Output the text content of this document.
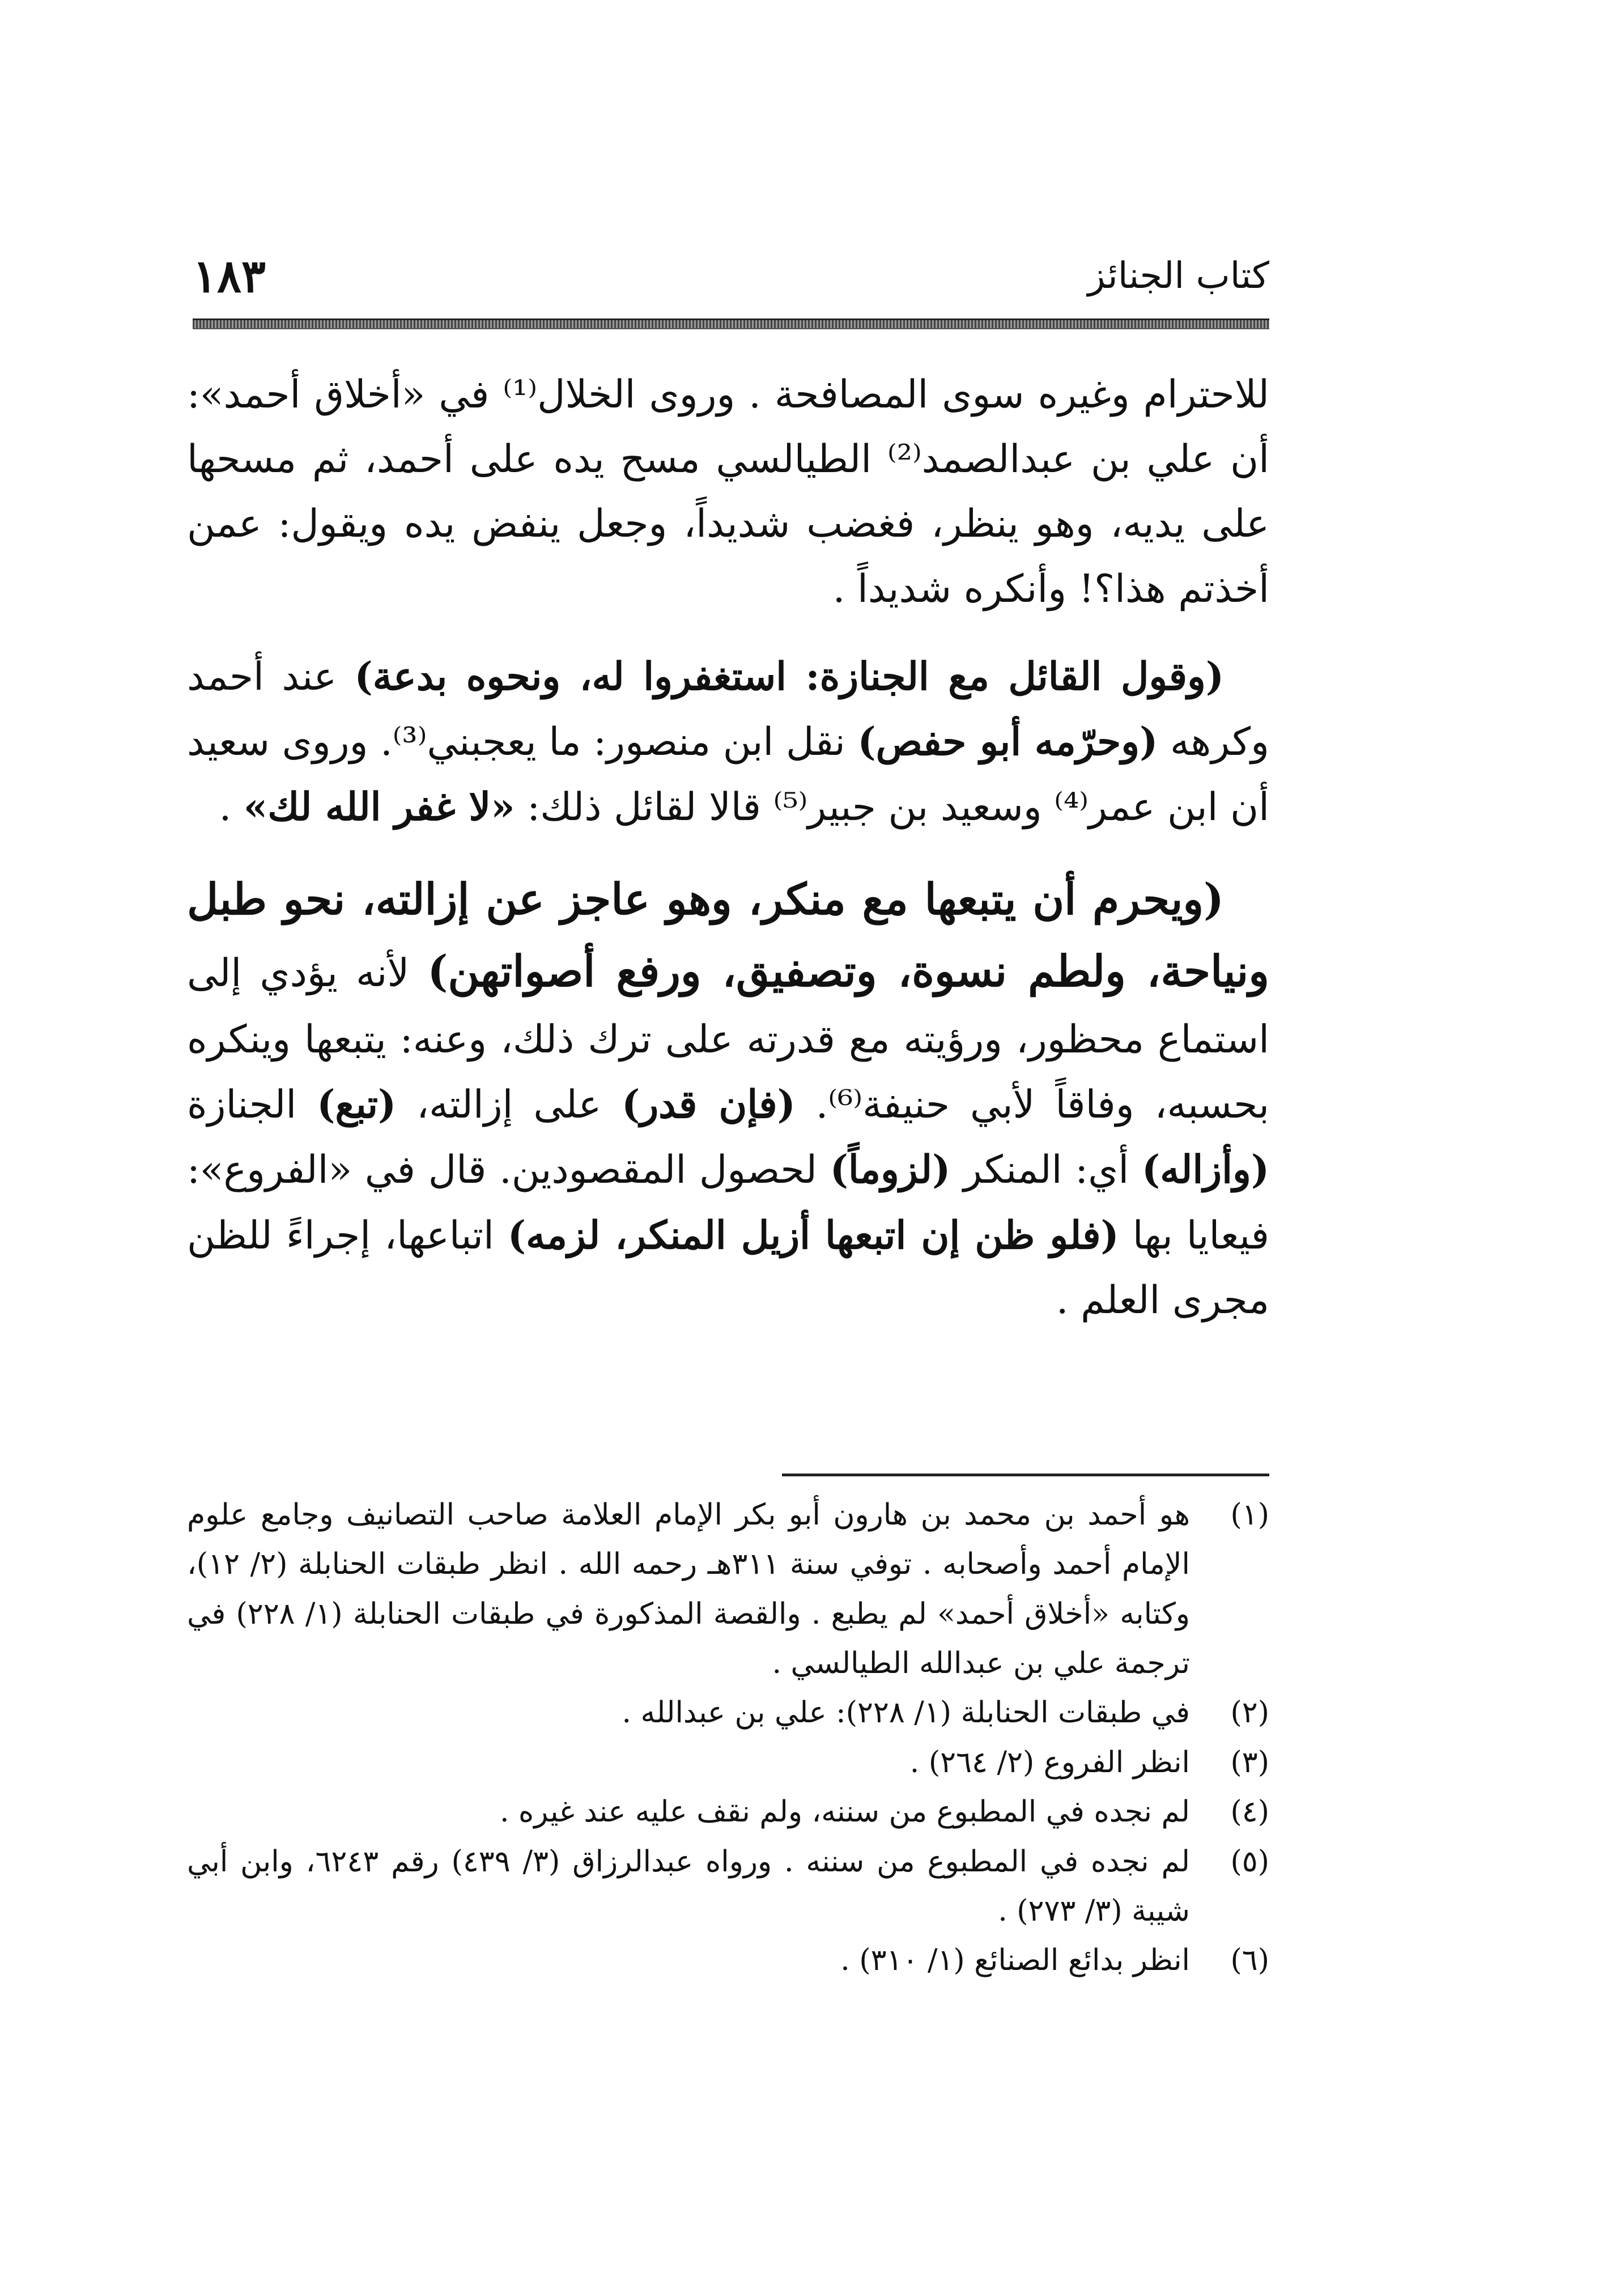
١٨٣	كتاب الجنائز

للاحترام وغيره سوى المصافحة . وروى الخلال⁽¹⁾ في «أخلاق أحمد»: أن علي بن عبدالصمد⁽²⁾ الطيالسي مسح يده على أحمد، ثم مسحها على يديه، وهو ينظر، فغضب شديداً، وجعل ينفض يده ويقول: عمن أخذتم هذا؟! وأنكره شديداً .

(وقول القائل مع الجنازة: استغفروا له، ونحوه بدعة) عند أحمد وكرهه (وحرّمه أبو حفص) نقل ابن منصور: ما يعجبني⁽³⁾. وروى سعيد أن ابن عمر⁽⁴⁾ وسعيد بن جبير⁽⁵⁾ قالا لقائل ذلك: «لا غفر الله لك» .

(ويحرم أن يتبعها مع منكر، وهو عاجز عن إزالته، نحو طبل ونياحة، ولطم نسوة، وتصفيق، ورفع أصواتهن) لأنه يؤدي إلى استماع محظور، ورؤيته مع قدرته على ترك ذلك، وعنه: يتبعها وينكره بحسبه، وفاقاً لأبي حنيفة⁽⁶⁾. (فإن قدر) على إزالته، (تبع) الجنازة (وأزاله) أي: المنكر (لزوماً) لحصول المقصودين. قال في «الفروع»: فيعايا بها (فلو ظن إن اتبعها أزيل المنكر، لزمه) اتباعها، إجراءً للظن مجرى العلم .

(١)
هو أحمد بن محمد بن هارون أبو بكر الإمام العلامة صاحب التصانيف وجامع علوم الإمام أحمد وأصحابه . توفي سنة ٣١١هـ رحمه الله . انظر طبقات الحنابلة (٢/ ١٢)، وكتابه «أخلاق أحمد» لم يطبع . والقصة المذكورة في طبقات الحنابلة (١/ ٢٢٨) في ترجمة علي بن عبدالله الطيالسي .

(٢)
في طبقات الحنابلة (١/ ٢٢٨): علي بن عبدالله .

(٣)
انظر الفروع (٢/ ٢٦٤) .

(٤)
لم نجده في المطبوع من سننه، ولم نقف عليه عند غيره .

(٥)
لم نجده في المطبوع من سننه . ورواه عبدالرزاق (٣/ ٤٣٩) رقم ٦٢٤٣، وابن أبي شيبة (٣/ ٢٧٣) .

(٦)
انظر بدائع الصنائع (١/ ٣١٠) .
